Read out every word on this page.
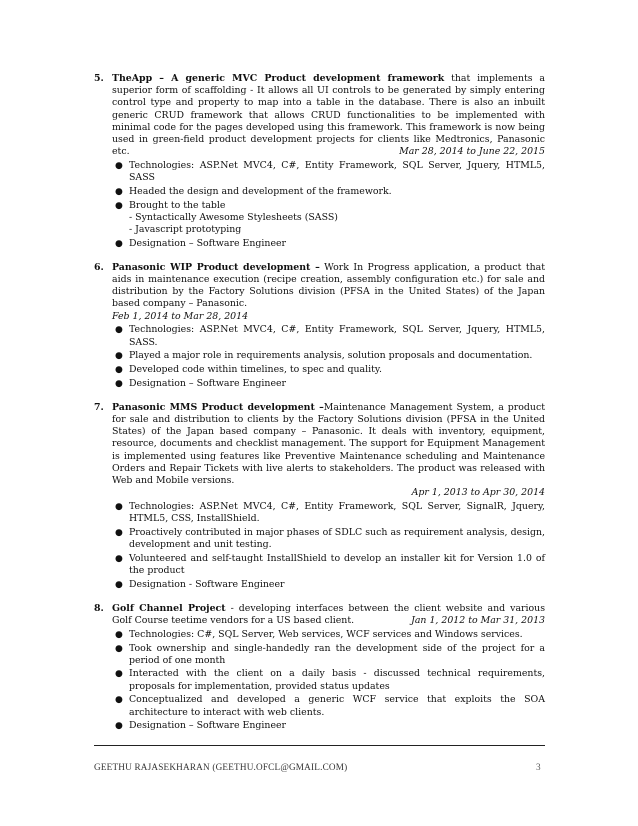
5. TheApp – A generic MVC Product development framework that implements a superior form of scaffolding - It allows all UI controls to be generated by simply entering control type and property to map into a table in the database. There is also an inbuilt generic CRUD framework that allows CRUD functionalities to be implemented with minimal code for the pages developed using this framework. This framework is now being used in green-field product development projects for clients like Medtronics, Panasonic etc.	Mar 28, 2014 to June 22, 2015
● Technologies: ASP.Net MVC4, C#, Entity Framework, SQL Server, Jquery, HTML5, SASS
● Headed the design and development of the framework.
● Brought to the table
- Syntactically Awesome Stylesheets (SASS)
- Javascript prototyping
● Designation – Software Engineer
6. Panasonic WIP Product development – Work In Progress application, a product that aids in maintenance execution (recipe creation, assembly configuration etc.) for sale and distribution by the Factory Solutions division (PFSA in the United States) of the Japan based company – Panasonic.
Feb 1, 2014 to Mar 28, 2014
● Technologies: ASP.Net MVC4, C#, Entity Framework, SQL Server, Jquery, HTML5, SASS.
● Played a major role in requirements analysis, solution proposals and documentation.
● Developed code within timelines, to spec and quality.
● Designation – Software Engineer
7. Panasonic MMS Product development –Maintenance Management System, a product for sale and distribution to clients by the Factory Solutions division (PFSA in the United States) of the Japan based company – Panasonic. It deals with inventory, equipment, resource, documents and checklist management. The support for Equipment Management is implemented using features like Preventive Maintenance scheduling and Maintenance Orders and Repair Tickets with live alerts to stakeholders. The product was released with Web and Mobile versions.
Apr 1, 2013 to Apr 30, 2014
● Technologies: ASP.Net MVC4, C#, Entity Framework, SQL Server, SignalR, Jquery, HTML5, CSS, InstallShield.
● Proactively contributed in major phases of SDLC such as requirement analysis, design, development and unit testing.
● Volunteered and self-taught InstallShield to develop an installer kit for Version 1.0 of the product
● Designation - Software Engineer
8. Golf Channel Project - developing interfaces between the client website and various Golf Course teetime vendors for a US based client.	Jan 1, 2012 to Mar 31, 2013
● Technologies: C#, SQL Server, Web services, WCF services and Windows services.
● Took ownership and single-handedly ran the development side of the project for a period of one month
● Interacted with the client on a daily basis - discussed technical requirements, proposals for implementation, provided status updates
● Conceptualized and developed a generic WCF service that exploits the SOA architecture to interact with web clients.
● Designation – Software Engineer
GEETHU RAJASEKHARAN (GEETHU.OFCL@GMAIL.COM)	3
